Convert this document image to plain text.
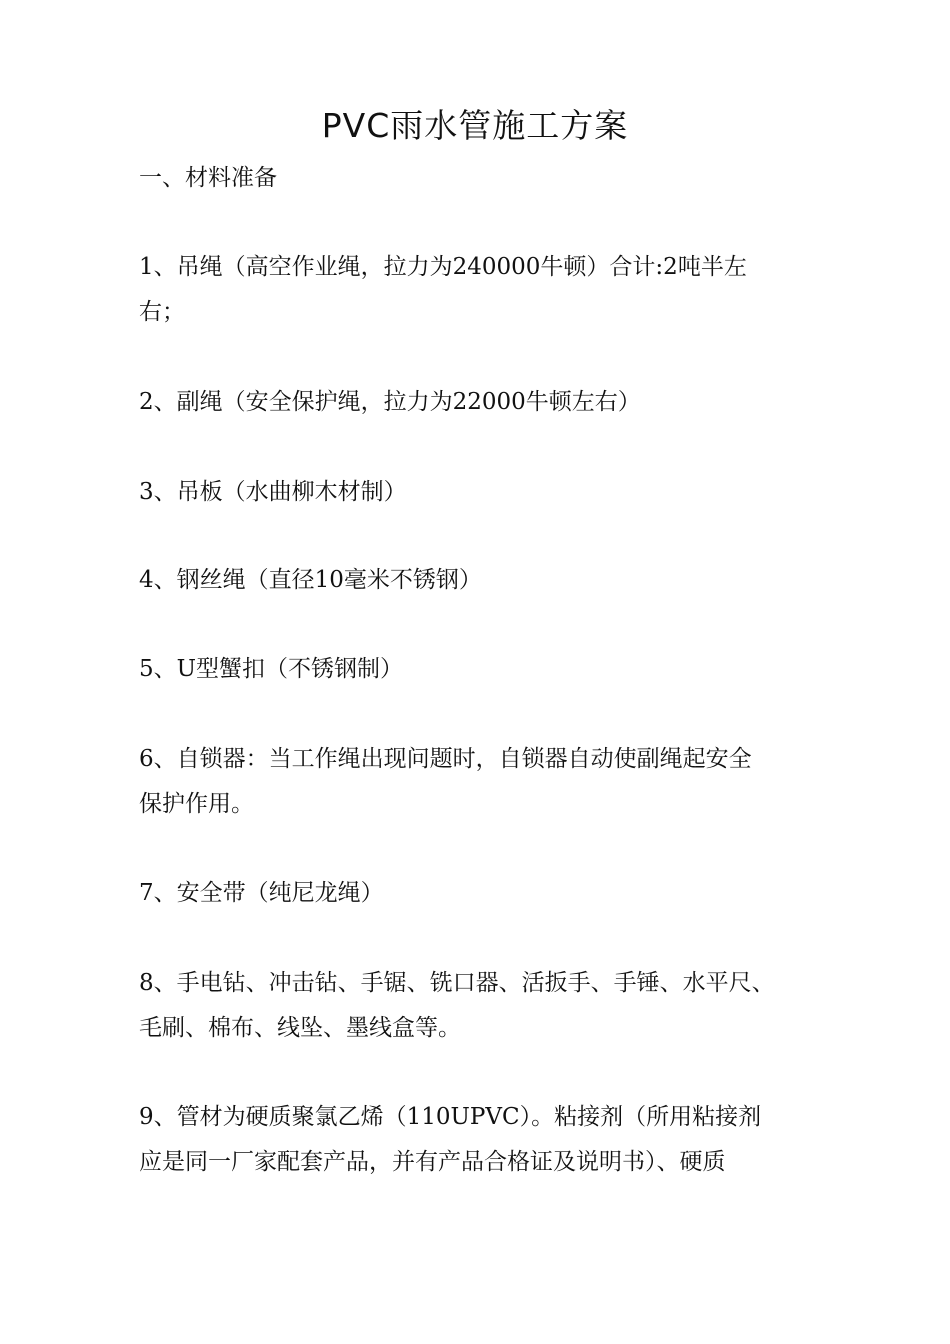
PVC雨水管施工方案
一、材料准备

1、吊绳（高空作业绳，拉力为240000牛顿）合计:2吨半左
右；

2、副绳（安全保护绳，拉力为22000牛顿左右）

3、吊板（水曲柳木材制）

4、钢丝绳（直径10毫米不锈钢）

5、U型蟹扣（不锈钢制）

6、自锁器：当工作绳出现问题时，自锁器自动使副绳起安全
保护作用。

7、安全带（纯尼龙绳）

8、手电钻、冲击钻、手锯、铣口器、活扳手、手锤、水平尺、
毛刷、棉布、线坠、墨线盒等。

9、管材为硬质聚氯乙烯（110UPVC）。粘接剂（所用粘接剂
应是同一厂家配套产品，并有产品合格证及说明书）、硬质
